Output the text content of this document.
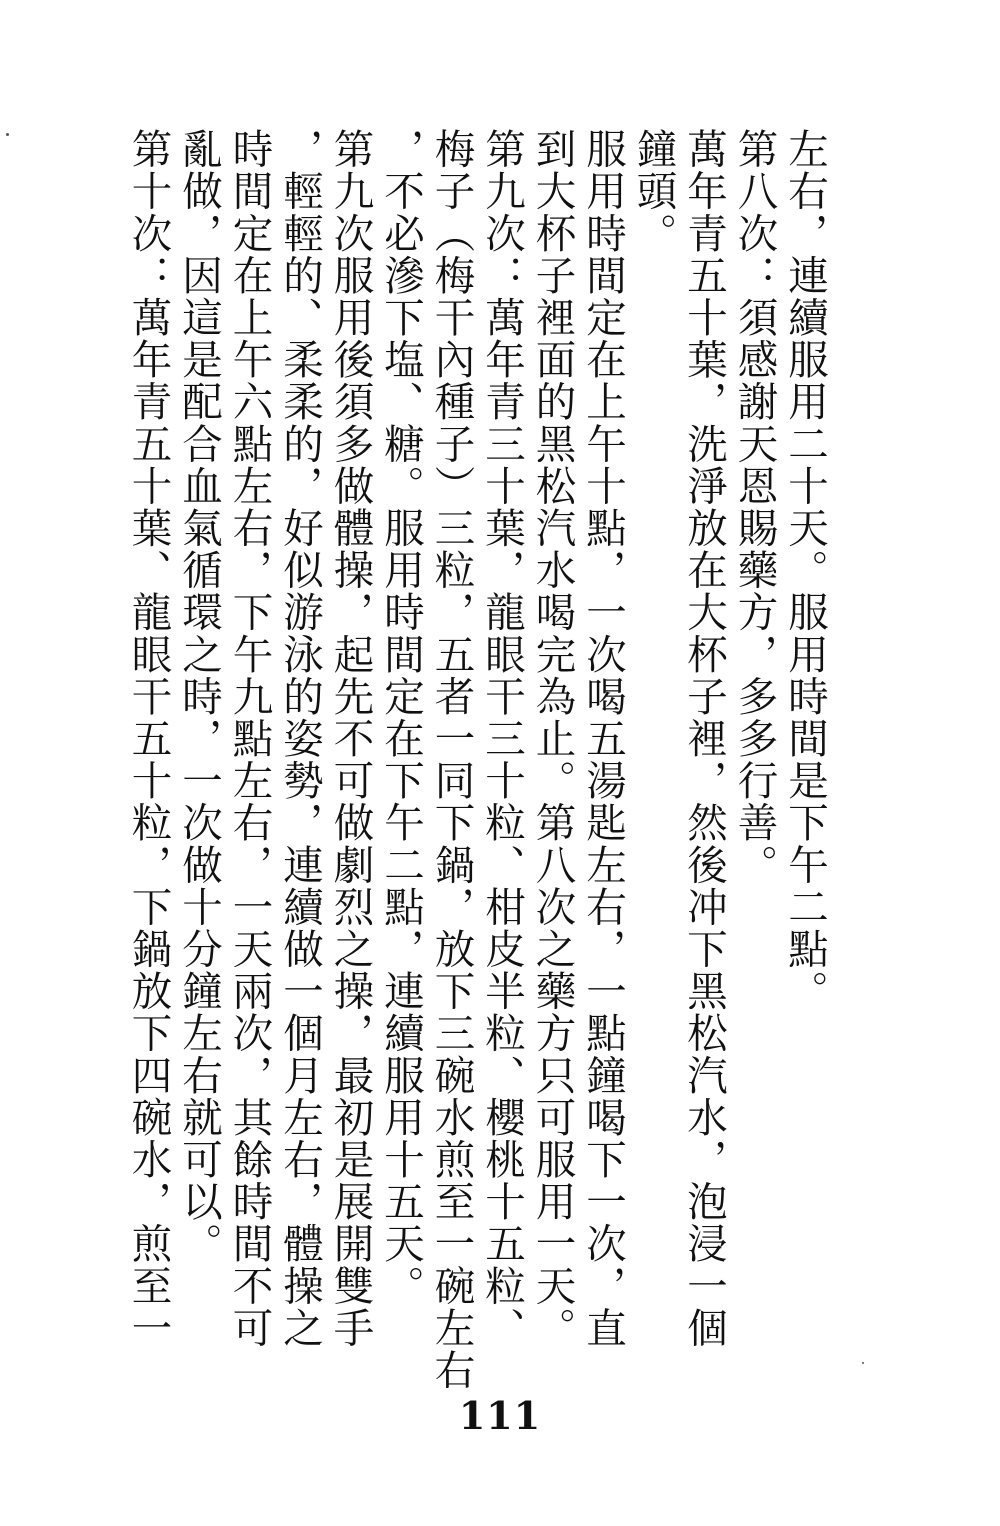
左右，連續服用二十天。服用時間是下午二點。
第八次：須感謝天恩賜藥方，多多行善。
萬年青五十葉，洗淨放在大杯子裡，然後冲下黑松汽水，泡浸一個
鐘頭。
服用時間定在上午十點，一次喝五湯匙左右，一點鐘喝下一次，直
到大杯子裡面的黑松汽水喝完為止。第八次之藥方只可服用一天。
第九次：萬年青三十葉，龍眼干三十粒、柑皮半粒、櫻桃十五粒、
梅子（梅干內種子）三粒，五者一同下鍋，放下三碗水煎至一碗左右
，不必滲下塩、糖。服用時間定在下午二點，連續服用十五天。
第九次服用後須多做體操，起先不可做劇烈之操，最初是展開雙手
，輕輕的、柔柔的，好似游泳的姿勢，連續做一個月左右，體操之
時間定在上午六點左右，下午九點左右，一天兩次，其餘時間不可
亂做，因這是配合血氣循環之時，一次做十分鐘左右就可以。
第十次：萬年青五十葉、龍眼干五十粒，下鍋放下四碗水，煎至一
111
